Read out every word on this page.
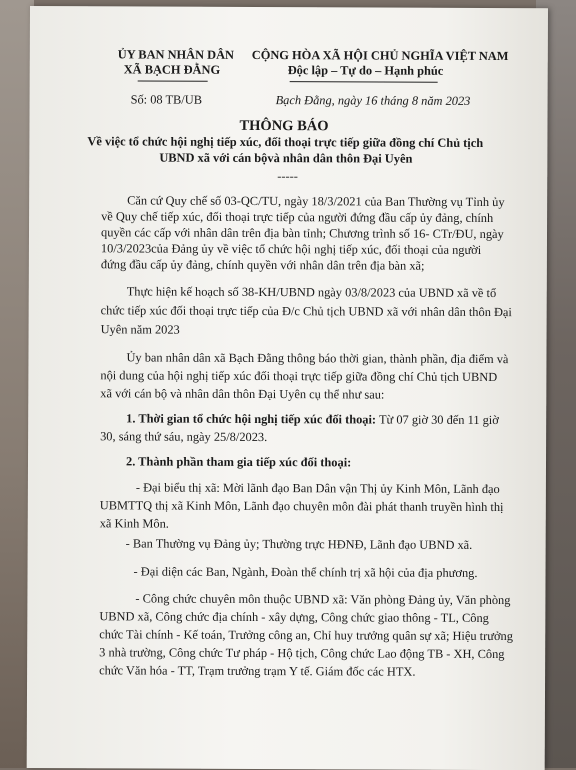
ỦY BAN NHÂN DÂN
XÃ BẠCH ĐẰNG
Số: 08 TB/UB
CỘNG HÒA XÃ HỘI CHỦ NGHĨA VIỆT NAM
Độc lập – Tự do – Hạnh phúc
Bạch Đằng, ngày 16 tháng 8 năm 2023
THÔNG BÁO
Về việc tổ chức hội nghị tiếp xúc, đối thoại trực tiếp giữa đồng chí Chủ tịch
UBND xã với cán bộvà nhân dân thôn Đại Uyên
-----
Căn cứ Quy chế số 03-QC/TU, ngày 18/3/2021 của Ban Thường vụ Tỉnh ủy
về Quy chế tiếp xúc, đối thoại trực tiếp của người đứng đầu cấp ủy đảng, chính
quyền các cấp với nhân dân trên địa bàn tỉnh; Chương trình số 16- CTr/ĐU, ngày
10/3/2023của Đảng ủy về việc tổ chức hội nghị tiếp xúc, đối thoại của người
đứng đầu cấp ủy đảng, chính quyền với nhân dân trên địa bàn xã;
Thực hiện kế hoạch số 38-KH/UBND ngày 03/8/2023 của UBND xã về tổ
chức tiếp xúc đối thoại trực tiếp của Đ/c Chủ tịch UBND xã với nhân dân thôn Đại
Uyên năm 2023
Ủy ban nhân dân xã Bạch Đằng thông báo thời gian, thành phần, địa điểm và
nội dung của hội nghị tiếp xúc đối thoại trực tiếp giữa đồng chí Chủ tịch UBND
xã với cán bộ và nhân dân thôn Đại Uyên cụ thể như sau:
1. Thời gian tổ chức hội nghị tiếp xúc đối thoại: Từ 07 giờ 30 đến 11 giờ
30, sáng thứ sáu, ngày 25/8/2023.
2. Thành phần tham gia tiếp xúc đối thoại:
- Đại biểu thị xã: Mời lãnh đạo Ban Dân vận Thị ủy Kinh Môn, Lãnh đạo
UBMTTQ thị xã Kinh Môn, Lãnh đạo chuyên môn đài phát thanh truyền hình thị
xã Kinh Môn.
- Ban Thường vụ Đảng ủy; Thường trực HĐNĐ, Lãnh đạo UBND xã.
- Đại diện các Ban, Ngành, Đoàn thể chính trị xã hội của địa phương.
- Công chức chuyên môn thuộc UBND xã: Văn phòng Đảng ủy, Văn phòng
UBND xã, Công chức địa chính - xây dựng, Công chức giao thông - TL, Công
chức Tài chính - Kế toán, Trưởng công an, Chỉ huy trưởng quân sự xã; Hiệu trưởng
3 nhà trường, Công chức Tư pháp - Hộ tịch, Công chức Lao động TB - XH, Công
chức Văn hóa - TT, Trạm trưởng trạm Y tế. Giám đốc các HTX.
